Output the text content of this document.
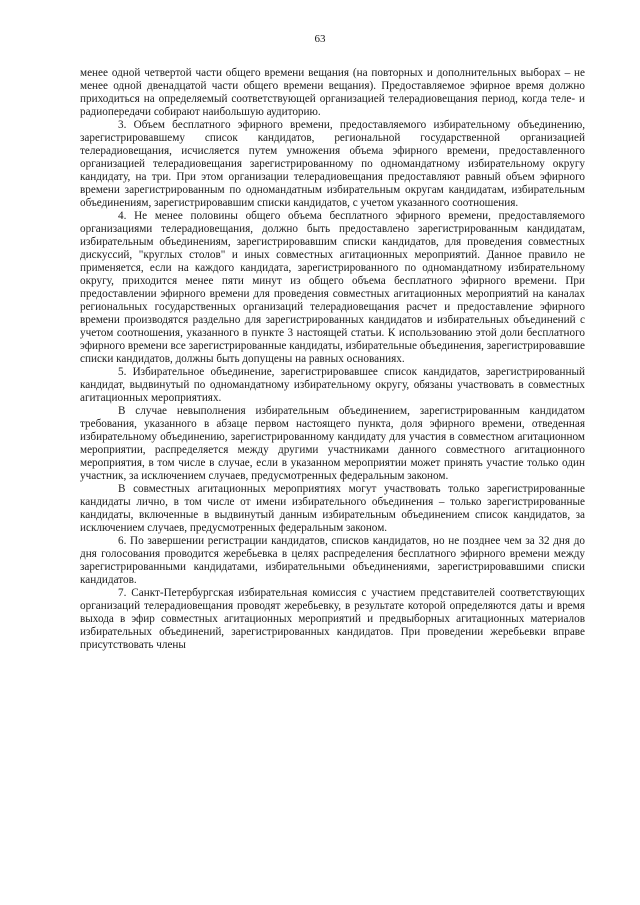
63

менее одной четвертой части общего времени вещания (на повторных и дополнительных выборах – не менее одной двенадцатой части общего времени вещания). Предоставляемое эфирное время должно приходиться на определяемый соответствующей организацией телерадиовещания период, когда теле- и радиопередачи собирают наибольшую аудиторию.

3. Объем бесплатного эфирного времени, предоставляемого избирательному объединению, зарегистрировавшему список кандидатов, региональной государственной организацией телерадиовещания, исчисляется путем умножения объема эфирного времени, предоставленного организацией телерадиовещания зарегистрированному по одномандатному избирательному округу кандидату, на три. При этом организации телерадиовещания предоставляют равный объем эфирного времени зарегистрированным по одномандатным избирательным округам кандидатам, избирательным объединениям, зарегистрировавшим списки кандидатов, с учетом указанного соотношения.

4. Не менее половины общего объема бесплатного эфирного времени, предоставляемого организациями телерадиовещания, должно быть предоставлено зарегистрированным кандидатам, избирательным объединениям, зарегистрировавшим списки кандидатов, для проведения совместных дискуссий, "круглых столов" и иных совместных агитационных мероприятий. Данное правило не применяется, если на каждого кандидата, зарегистрированного по одномандатному избирательному округу, приходится менее пяти минут из общего объема бесплатного эфирного времени. При предоставлении эфирного времени для проведения совместных агитационных мероприятий на каналах региональных государственных организаций телерадиовещания расчет и предоставление эфирного времени производятся раздельно для зарегистрированных кандидатов и избирательных объединений с учетом соотношения, указанного в пункте 3 настоящей статьи. К использованию этой доли бесплатного эфирного времени все зарегистрированные кандидаты, избирательные объединения, зарегистрировавшие списки кандидатов, должны быть допущены на равных основаниях.

5. Избирательное объединение, зарегистрировавшее список кандидатов, зарегистрированный кандидат, выдвинутый по одномандатному избирательному округу, обязаны участвовать в совместных агитационных мероприятиях.

В случае невыполнения избирательным объединением, зарегистрированным кандидатом требования, указанного в абзаце первом настоящего пункта, доля эфирного времени, отведенная избирательному объединению, зарегистрированному кандидату для участия в совместном агитационном мероприятии, распределяется между другими участниками данного совместного агитационного мероприятия, в том числе в случае, если в указанном мероприятии может принять участие только один участник, за исключением случаев, предусмотренных федеральным законом.

В совместных агитационных мероприятиях могут участвовать только зарегистрированные кандидаты лично, в том числе от имени избирательного объединения – только зарегистрированные кандидаты, включенные в выдвинутый данным избирательным объединением список кандидатов, за исключением случаев, предусмотренных федеральным законом.

6. По завершении регистрации кандидатов, списков кандидатов, но не позднее чем за 32 дня до дня голосования проводится жеребьевка в целях распределения бесплатного эфирного времени между зарегистрированными кандидатами, избирательными объединениями, зарегистрировавшими списки кандидатов.

7. Санкт-Петербургская избирательная комиссия с участием представителей соответствующих организаций телерадиовещания проводят жеребьевку, в результате которой определяются даты и время выхода в эфир совместных агитационных мероприятий и предвыборных агитационных материалов избирательных объединений, зарегистрированных кандидатов. При проведении жеребьевки вправе присутствовать члены
